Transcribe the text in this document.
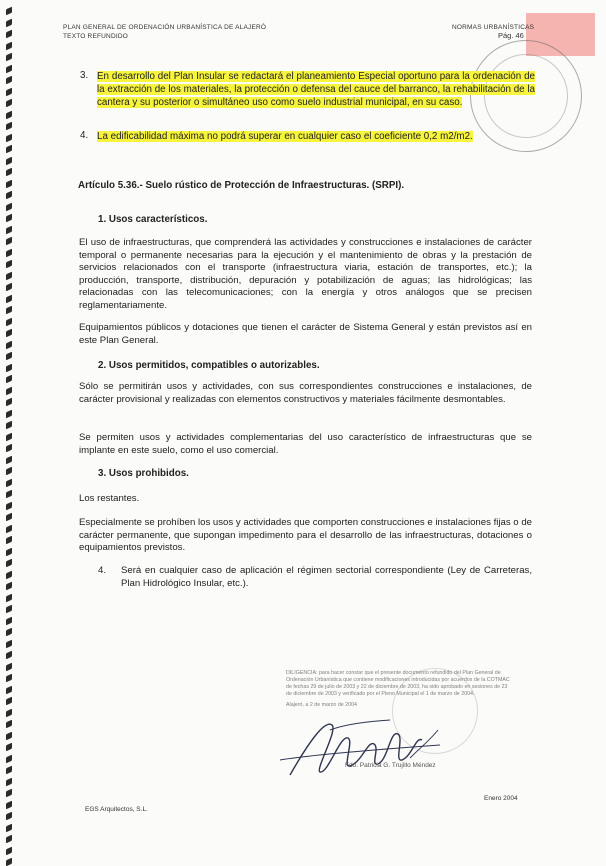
PLAN GENERAL DE ORDENACIÓN URBANÍSTICA DE ALAJERÓ
TEXTO REFUNDIDO
NORMAS URBANÍSTICAS
Pág. 46
3. En desarrollo del Plan Insular se redactará el planeamiento Especial oportuno para la ordenación de la extracción de los materiales, la protección o defensa del cauce del barranco, la rehabilitación de la cantera y su posterior o simultáneo uso como suelo industrial municipal, en su caso.
4. La edificabilidad máxima no podrá superar en cualquier caso el coeficiente 0,2 m2/m2.
Artículo 5.36.- Suelo rústico de Protección de Infraestructuras. (SRPI).
1. Usos característicos.
El uso de infraestructuras, que comprenderá las actividades y construcciones e instalaciones de carácter temporal o permanente necesarias para la ejecución y el mantenimiento de obras y la prestación de servicios relacionados con el transporte (infraestructura viaria, estación de transportes, etc.); la producción, transporte, distribución, depuración y potabilización de aguas; las hidrológicas; las relacionadas con las telecomunicaciones; con la energía y otros análogos que se precisen reglamentariamente.
Equipamientos públicos y dotaciones que tienen el carácter de Sistema General y están previstos así en este Plan General.
2. Usos permitidos, compatibles o autorizables.
Sólo se permitirán usos y actividades, con sus correspondientes construcciones e instalaciones, de carácter provisional y realizadas con elementos constructivos y materiales fácilmente desmontables.
Se permiten usos y actividades complementarias del uso característico de infraestructuras que se implante en este suelo, como el uso comercial.
3. Usos prohibidos.
Los restantes.
Especialmente se prohíben los usos y actividades que comporten construcciones e instalaciones fijas o de carácter permanente, que supongan impedimento para el desarrollo de las infraestructuras, dotaciones o equipamientos previstos.
4. Será en cualquier caso de aplicación el régimen sectorial correspondiente (Ley de Carreteras, Plan Hidrológico Insular, etc.).
DILIGENCIA: para hacer constar que el presente documento refundido del Plan General de Ordenación Urbanística que contiene modificaciones introducidas por acuerdos de la COTMAC de fechas 29 de julio de 2003 y 22 de diciembre de 2003, ha sido aprobado en sesiones de 23 de diciembre de 2003 y verificado por el Pleno Municipal el 1 de marzo de 2004.
Alajeró, a 2 de marzo de 2004
Fdo. Patricia G. Trujillo Méndez
EGS Arquitectos, S.L.
Enero 2004
